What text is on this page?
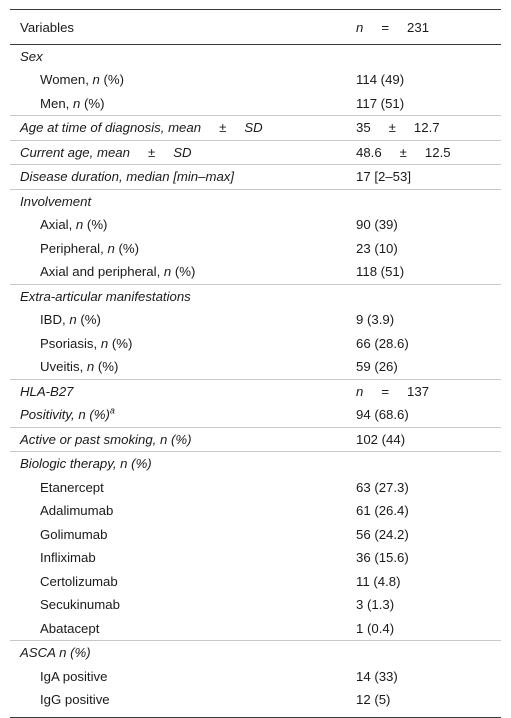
Variables	n = 231
Sex
Women, n (%)	114 (49)
Men, n (%)	117 (51)
Age at time of diagnosis, mean ± SD	35 ± 12.7
Current age, mean ± SD	48.6 ± 12.5
Disease duration, median [min–max]	17 [2–53]
Involvement
Axial, n (%)	90 (39)
Peripheral, n (%)	23 (10)
Axial and peripheral, n (%)	118 (51)
Extra-articular manifestations
IBD, n (%)	9 (3.9)
Psoriasis, n (%)	66 (28.6)
Uveitis, n (%)	59 (26)
HLA-B27	n = 137
Positivity, n (%)$^a$	94 (68.6)
Active or past smoking, n (%)	102 (44)
Biologic therapy, n (%)
Etanercept	63 (27.3)
Adalimumab	61 (26.4)
Golimumab	56 (24.2)
Infliximab	36 (15.6)
Certolizumab	11 (4.8)
Secukinumab	3 (1.3)
Abatacept	1 (0.4)
ASCA n (%)
IgA positive	14 (33)
IgG positive	12 (5)
